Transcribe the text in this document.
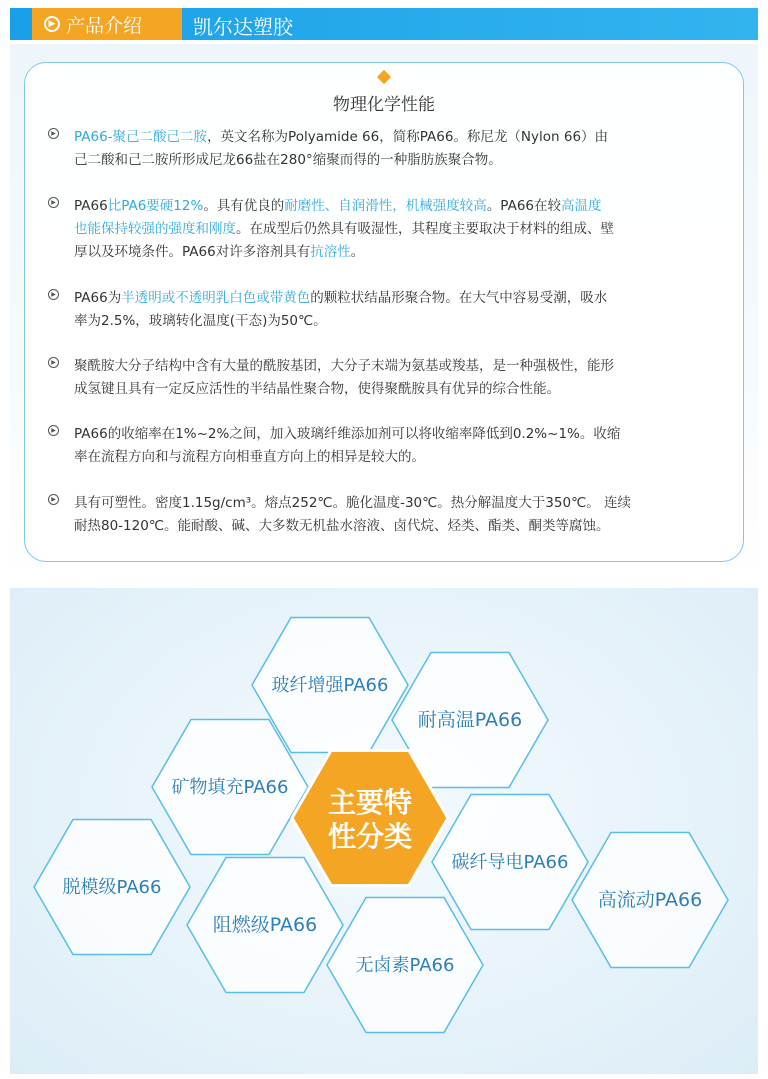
▶ 产品介绍	凯尔达塑胶
物理化学性能
▶ PA66-聚己二酸己二胺，英文名称为Polyamide 66，简称PA66。称尼龙（Nylon 66）由
己二酸和己二胺所形成尼龙66盐在280°缩聚而得的一种脂肪族聚合物。

▶ PA66比PA6要硬12%。具有优良的耐磨性、自润滑性，机械强度较高。PA66在较高温度
也能保持较强的强度和刚度。在成型后仍然具有吸湿性，其程度主要取决于材料的组成、壁
厚以及环境条件。PA66对许多溶剂具有抗溶性。

▶ PA66为半透明或不透明乳白色或带黄色的颗粒状结晶形聚合物。在大气中容易受潮，吸水
率为2.5%，玻璃转化温度(干态)为50℃。

▶ 聚酰胺大分子结构中含有大量的酰胺基团，大分子末端为氨基或羧基，是一种强极性，能形
成氢键且具有一定反应活性的半结晶性聚合物，使得聚酰胺具有优异的综合性能。

▶ PA66的收缩率在1%~2%之间，加入玻璃纤维添加剂可以将收缩率降低到0.2%~1%。收缩
率在流程方向和与流程方向相垂直方向上的相异是较大的。

▶ 具有可塑性。密度1.15g/cm³。熔点252℃。脆化温度-30℃。热分解温度大于350℃。 连续
耐热80-120℃。能耐酸、碱、大多数无机盐水溶液、卤代烷、烃类、酯类、酮类等腐蚀。

玻纤增强PA66
耐高温PA66
矿物填充PA66
碳纤导电PA66
脱模级PA66
阻燃级PA66
无卤素PA66
高流动PA66
主要特
性分类
